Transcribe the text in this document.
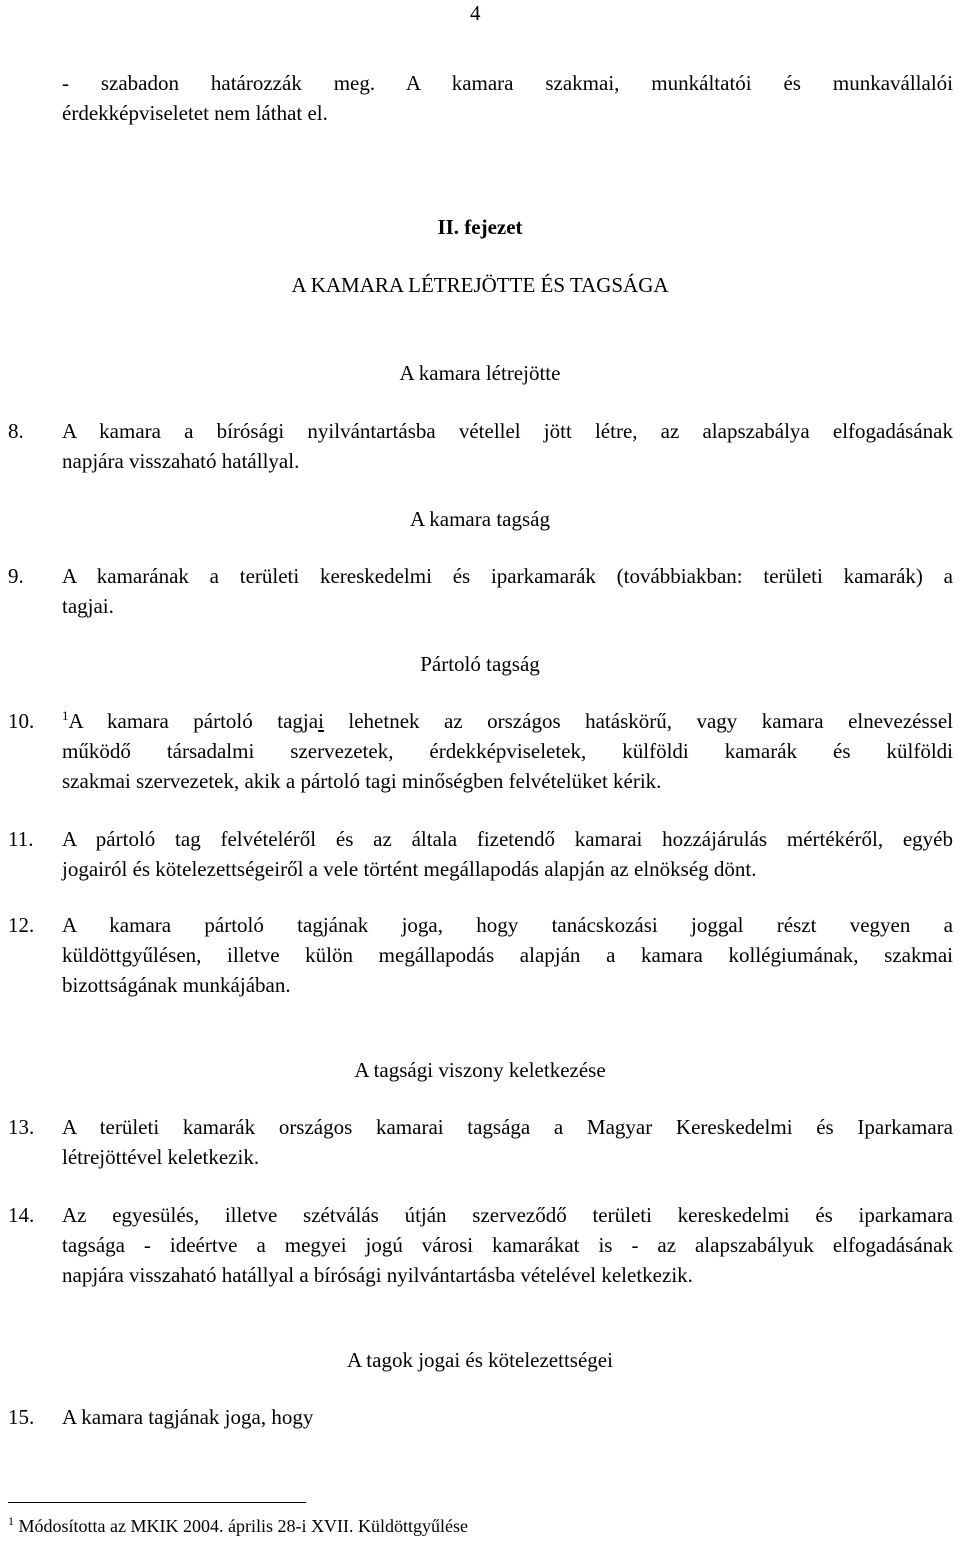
4
- szabadon határozzák meg. A kamara szakmai, munkáltatói és munkavállalói
érdekképviseletet nem láthat el.
II. fejezet
A KAMARA LÉTREJÖTTE ÉS TAGSÁGA
A kamara létrejötte
8. A kamara a bírósági nyilvántartásba vétellel jött létre, az alapszabálya elfogadásának
napjára visszaható hatállyal.
A kamara tagság
9. A kamarának a területi kereskedelmi és iparkamarák (továbbiakban: területi kamarák) a
tagjai.
Pártoló tagság
10. $^1$A kamara pártoló tagjai lehetnek az országos hatáskörű, vagy kamara elnevezéssel
működő társadalmi szervezetek, érdekképviseletek, külföldi kamarák és külföldi
szakmai szervezetek, akik a pártoló tagi minőségben felvételüket kérik.
11. A pártoló tag felvételéről és az általa fizetendő kamarai hozzájárulás mértékéről, egyéb
jogairól és kötelezettségeiről a vele történt megállapodás alapján az elnökség dönt.
12. A kamara pártoló tagjának joga, hogy tanácskozási joggal részt vegyen a
küldöttgyűlésen, illetve külön megállapodás alapján a kamara kollégiumának, szakmai
bizottságának munkájában.
A tagsági viszony keletkezése
13. A területi kamarák országos kamarai tagsága a Magyar Kereskedelmi és Iparkamara
létrejöttével keletkezik.
14. Az egyesülés, illetve szétválás útján szerveződő területi kereskedelmi és iparkamara
tagsága - ideértve a megyei jogú városi kamarákat is - az alapszabályuk elfogadásának
napjára visszaható hatállyal a bírósági nyilvántartásba vételével keletkezik.
A tagok jogai és kötelezettségei
15. A kamara tagjának joga, hogy
$^1$ Módosította az MKIK 2004. április 28-i XVII. Küldöttgyűlése
